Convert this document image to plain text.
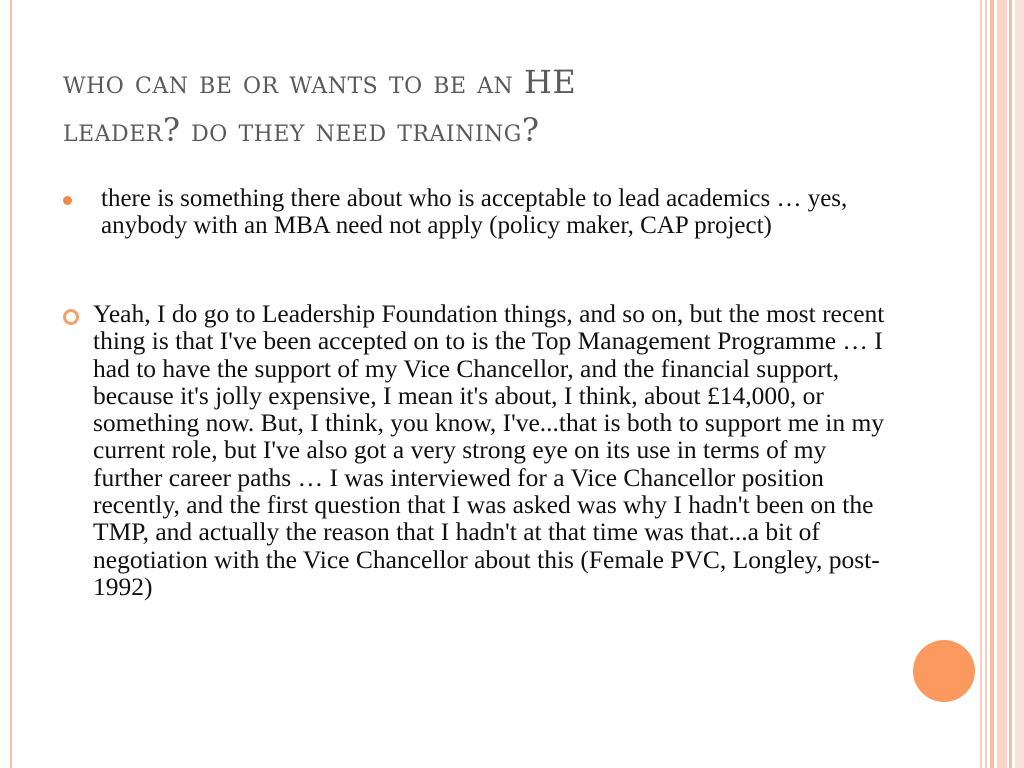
who can be or wants to be an HE
leader? do they need training?
there is something there about who is acceptable to lead academics … yes, anybody with an MBA need not apply (policy maker, CAP project)
Yeah, I do go to Leadership Foundation things, and so on, but the most recent thing is that I've been accepted on to is the Top Management Programme … I had to have the support of my Vice Chancellor, and the financial support, because it's jolly expensive, I mean it's about, I think, about £14,000, or something now. But, I think, you know, I've...that is both to support me in my current role, but I've also got a very strong eye on its use in terms of my further career paths … I was interviewed for a Vice Chancellor position recently, and the first question that I was asked was why I hadn't been on the TMP, and actually the reason that I hadn't at that time was that...a bit of negotiation with the Vice Chancellor about this (Female PVC, Longley, post-1992)
